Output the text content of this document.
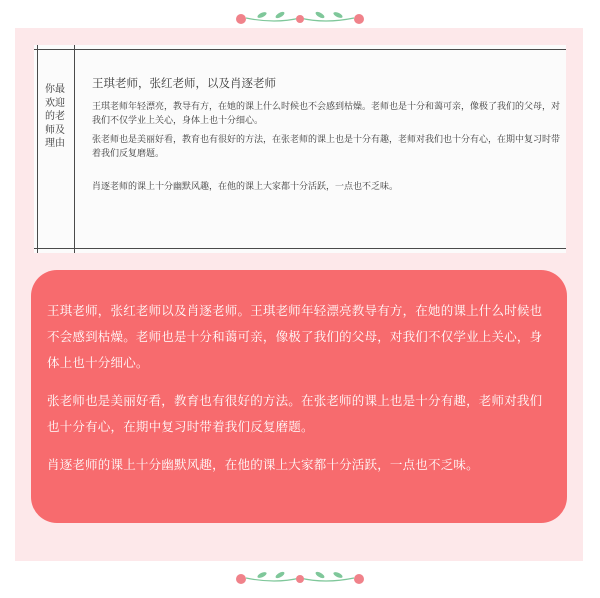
你最欢迎的老师及理由
王琪老师，张红老师，以及肖逐老师
王琪老师年轻漂亮，教导有方，在她的课上什么时候也不会感到枯燥。老师也是十分和蔼可亲，像极了我们的父母，对我们不仅学业上关心，身体上也十分细心。
张老师也是美丽好看，教育也有很好的方法，在张老师的课上也是十分有趣，老师对我们也十分有心，在期中复习时带着我们反复磨题。
肖逐老师的课上十分幽默风趣，在他的课上大家都十分活跃，一点也不乏味。

王琪老师，张红老师以及肖逐老师。王琪老师年轻漂亮教导有方，在她的课上什么时候也不会感到枯燥。老师也是十分和蔼可亲，像极了我们的父母，对我们不仅学业上关心，身体上也十分细心。

张老师也是美丽好看，教育也有很好的方法。在张老师的课上也是十分有趣，老师对我们也十分有心，在期中复习时带着我们反复磨题。

肖逐老师的课上十分幽默风趣，在他的课上大家都十分活跃，一点也不乏味。
